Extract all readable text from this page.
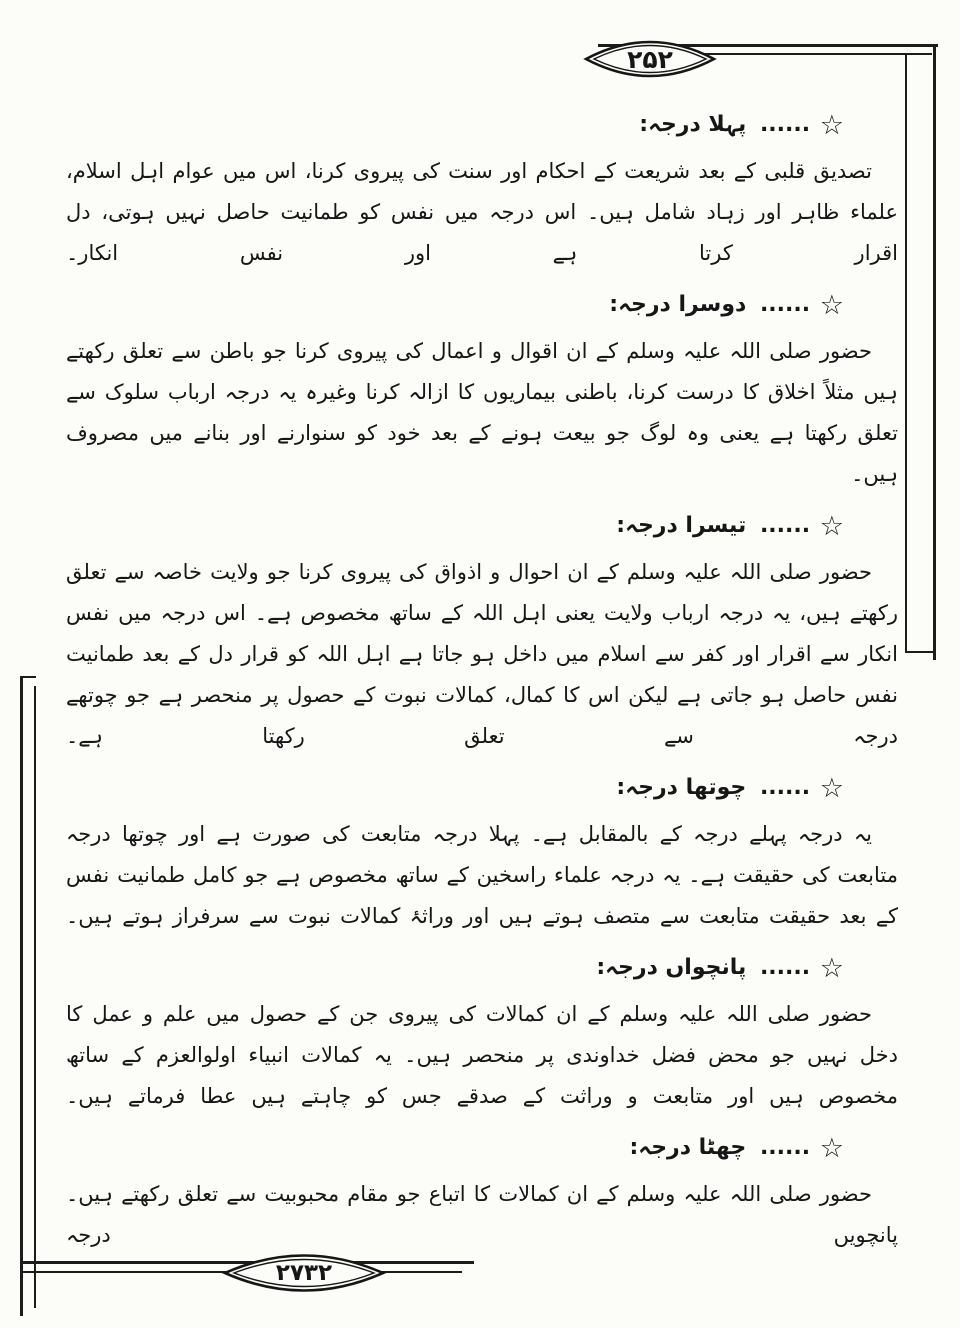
۲۵۲
۲۷۳۲
☆ ...... پہلا درجہ:

تصدیق قلبی کے بعد شریعت کے احکام اور سنت کی پیروی کرنا، اس میں عوام اہل اسلام، علماء ظاہر اور زہاد شامل ہیں۔ اس درجہ میں نفس کو طمانیت حاصل نہیں ہوتی، دل اقرار کرتا ہے اور نفس انکار۔

☆ ...... دوسرا درجہ:

حضور صلی اللہ علیہ وسلم کے ان اقوال و اعمال کی پیروی کرنا جو باطن سے تعلق رکھتے ہیں مثلاً اخلاق کا درست کرنا، باطنی بیماریوں کا ازالہ کرنا وغیرہ یہ درجہ ارباب سلوک سے تعلق رکھتا ہے یعنی وہ لوگ جو بیعت ہونے کے بعد خود کو سنوارنے اور بنانے میں مصروف ہیں۔

☆ ...... تیسرا درجہ:

حضور صلی اللہ علیہ وسلم کے ان احوال و اذواق کی پیروی کرنا جو ولایت خاصہ سے تعلق رکھتے ہیں، یہ درجہ ارباب ولایت یعنی اہل اللہ کے ساتھ مخصوص ہے۔ اس درجہ میں نفس انکار سے اقرار اور کفر سے اسلام میں داخل ہو جاتا ہے اہل اللہ کو قرار دل کے بعد طمانیت نفس حاصل ہو جاتی ہے لیکن اس کا کمال، کمالات نبوت کے حصول پر منحصر ہے جو چوتھے درجہ سے تعلق رکھتا ہے۔

☆ ...... چوتھا درجہ:

یہ درجہ پہلے درجہ کے بالمقابل ہے۔ پہلا درجہ متابعت کی صورت ہے اور چوتھا درجہ متابعت کی حقیقت ہے۔ یہ درجہ علماء راسخین کے ساتھ مخصوص ہے جو کامل طمانیت نفس کے بعد حقیقت متابعت سے متصف ہوتے ہیں اور وراثۂ کمالات نبوت سے سرفراز ہوتے ہیں۔

☆ ...... پانچواں درجہ:

حضور صلی اللہ علیہ وسلم کے ان کمالات کی پیروی جن کے حصول میں علم و عمل کا دخل نہیں جو محض فضل خداوندی پر منحصر ہیں۔ یہ کمالات انبیاء اولوالعزم کے ساتھ مخصوص ہیں اور متابعت و وراثت کے صدقے جس کو چاہتے ہیں عطا فرماتے ہیں۔

☆ ...... چھٹا درجہ:

حضور صلی اللہ علیہ وسلم کے ان کمالات کا اتباع جو مقام محبوبیت سے تعلق رکھتے ہیں۔ پانچویں درجہ
